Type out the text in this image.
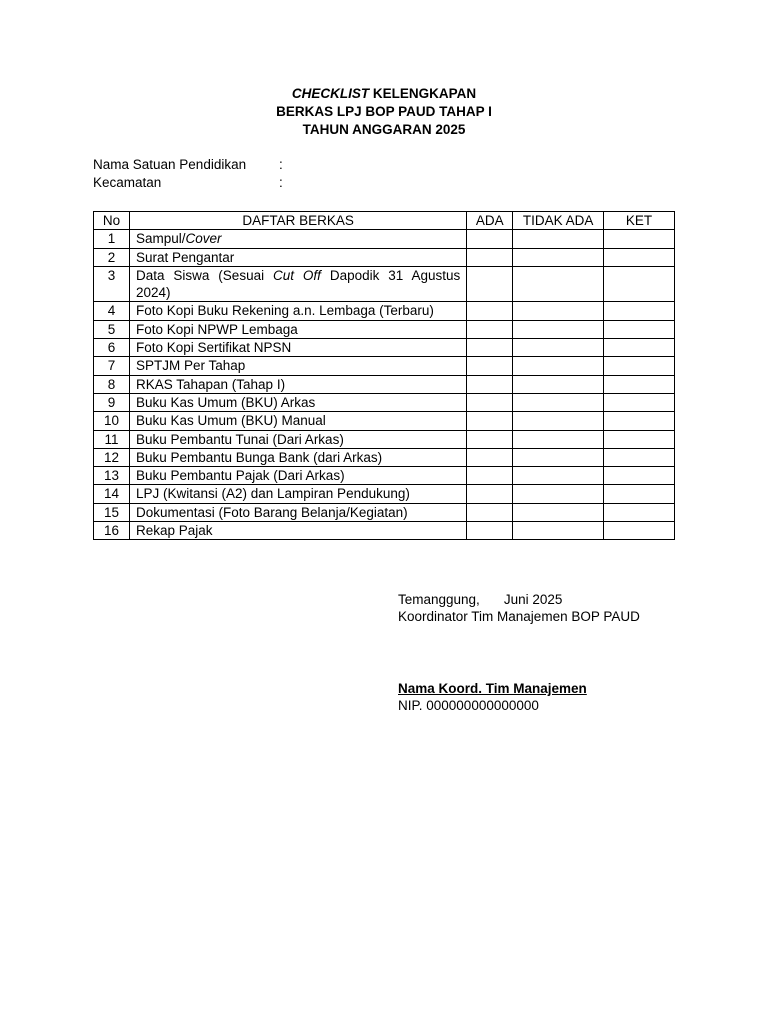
CHECKLIST KELENGKAPAN
BERKAS LPJ BOP PAUD TAHAP I
TAHUN ANGGARAN 2025
Nama Satuan Pendidikan :
Kecamatan	:
No	DAFTAR BERKAS	ADA	TIDAK ADA	KET
1	Sampul/Cover			
2	Surat Pengantar			
3	Data Siswa (Sesuai Cut Off Dapodik 31 Agustus 2024)			
4	Foto Kopi Buku Rekening a.n. Lembaga (Terbaru)			
5	Foto Kopi NPWP Lembaga			
6	Foto Kopi Sertifikat NPSN			
7	SPTJM Per Tahap			
8	RKAS Tahapan (Tahap I)			
9	Buku Kas Umum (BKU) Arkas			
10	Buku Kas Umum (BKU) Manual			
11	Buku Pembantu Tunai (Dari Arkas)			
12	Buku Pembantu Bunga Bank (dari Arkas)			
13	Buku Pembantu Pajak (Dari Arkas)			
14	LPJ (Kwitansi (A2) dan Lampiran Pendukung)			
15	Dokumentasi (Foto Barang Belanja/Kegiatan)			
16	Rekap Pajak			
Temanggung, Juni 2025
Koordinator Tim Manajemen BOP PAUD
Nama Koord. Tim Manajemen
NIP. 000000000000000
